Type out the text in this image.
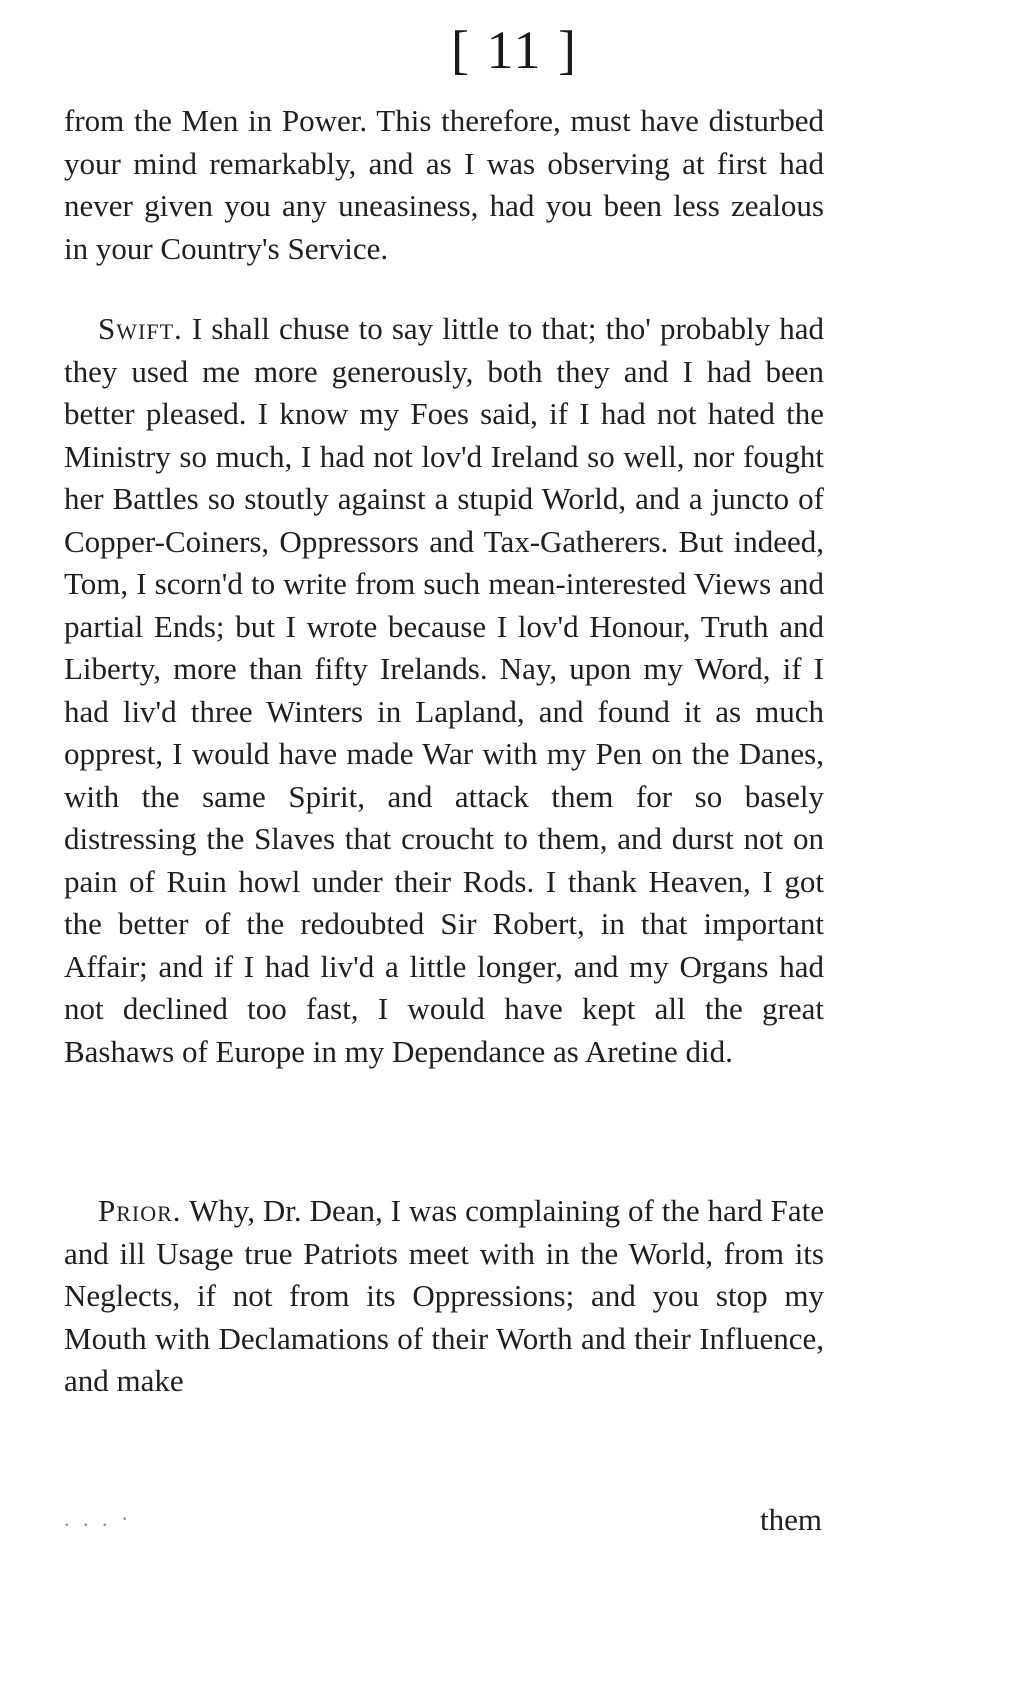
[ 11 ]

from the Men in Power. This therefore, must have disturbed your mind remarkably, and as I was observing at first had never given you any uneasiness, had you been less zealous in your Country's Service.

Swift. I shall chuse to say little to that; tho' probably had they used me more generously, both they and I had been better pleased. I know my Foes said, if I had not hated the Ministry so much, I had not lov'd Ireland so well, nor fought her Battles so stoutly against a stupid World, and a juncto of Copper-Coiners, Oppressors and Tax-Gatherers. But indeed, Tom, I scorn'd to write from such mean-interested Views and partial Ends; but I wrote because I lov'd Honour, Truth and Liberty, more than fifty Irelands. Nay, upon my Word, if I had liv'd three Winters in Lapland, and found it as much opprest, I would have made War with my Pen on the Danes, with the same Spirit, and attack them for so basely distressing the Slaves that croucht to them, and durst not on pain of Ruin howl under their Rods. I thank Heaven, I got the better of the redoubted Sir Robert, in that important Affair; and if I had liv'd a little longer, and my Organs had not declined too fast, I would have kept all the great Bashaws of Europe in my Dependance as Aretine did.

Prior. Why, Dr. Dean, I was complaining of the hard Fate and ill Usage true Patriots meet with in the World, from its Neglects, if not from its Oppressions; and you stop my Mouth with Declamations of their Worth and their Influence, and make

. . . ·	them
